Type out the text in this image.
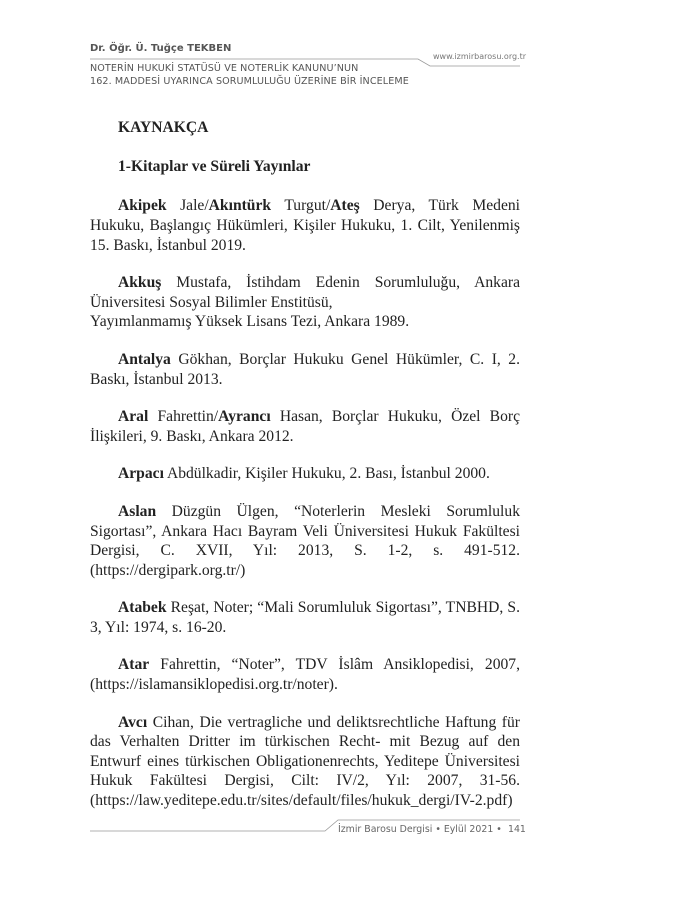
Dr. Öğr. Ü. Tuğçe TEKBEN
NOTERİN HUKUKİ STATÜSÜ VE NOTERLİK KANUNU’NUN
162. MADDESİ UYARINCA SORUMLULUĞU ÜZERİNE BİR İNCELEME
www.izmirbarosu.org.tr
KAYNAKÇA
1-Kitaplar ve Süreli Yayınlar

Akipek Jale/Akıntürk Turgut/Ateş Derya, Türk Medeni Hukuku, Başlangıç Hükümleri, Kişiler Hukuku, 1. Cilt, Yenilenmiş 15. Baskı, İstanbul 2019.

Akkuş Mustafa, İstihdam Edenin Sorumluluğu, Ankara Üniversitesi Sosyal Bilimler Enstitüsü,
Yayımlanmamış Yüksek Lisans Tezi, Ankara 1989.

Antalya Gökhan, Borçlar Hukuku Genel Hükümler, C. I, 2. Baskı, İstanbul 2013.

Aral Fahrettin/Ayrancı Hasan, Borçlar Hukuku, Özel Borç İlişkileri, 9. Baskı, Ankara 2012.

Arpacı Abdülkadir, Kişiler Hukuku, 2. Bası, İstanbul 2000.

Aslan Düzgün Ülgen, “Noterlerin Mesleki Sorumluluk Sigortası”, Ankara Hacı Bayram Veli Üniversitesi Hukuk Fakültesi Dergisi, C. XVII, Yıl: 2013, S. 1-2, s. 491-512. (https://dergipark.org.tr/)

Atabek Reşat, Noter; “Mali Sorumluluk Sigortası”, TNBHD, S. 3, Yıl: 1974, s. 16-20.

Atar Fahrettin, “Noter”, TDV İslâm Ansiklopedisi, 2007, (https://islamansiklopedisi.org.tr/noter).

Avcı Cihan, Die vertragliche und deliktsrechtliche Haftung für das Verhalten Dritter im türkischen Recht- mit Bezug auf den Entwurf eines türkischen Obligationenrechts, Yeditepe Üniversitesi Hukuk Fakültesi Dergisi, Cilt: IV/2, Yıl: 2007, 31-56. (https://law.yeditepe.edu.tr/sites/default/files/hukuk_dergi/IV-2.pdf)

İzmir Barosu Dergisi • Eylül 2021 • 141
